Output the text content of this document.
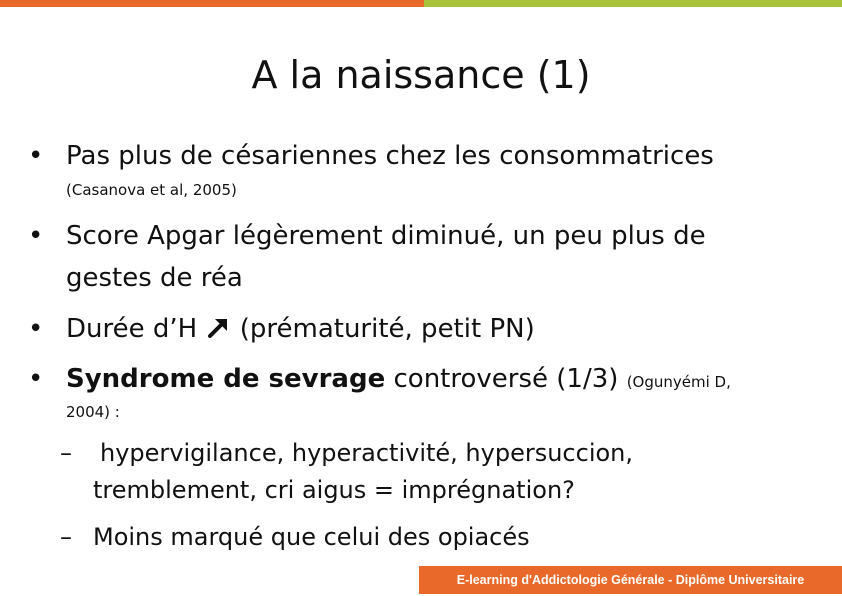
A la naissance (1)
• Pas plus de césariennes chez les consommatrices
(Casanova et al, 2005)
• Score Apgar légèrement diminué, un peu plus de
gestes de réa
• Durée d’H (prématurité, petit PN)
• Syndrome de sevrage controversé (1/3) (Ogunyémi D,
2004) :
– hypervigilance, hyperactivité, hypersuccion,
tremblement, cri aigus = imprégnation?
– Moins marqué que celui des opiacés
E-learning d'Addictologie Générale - Diplôme Universitaire
